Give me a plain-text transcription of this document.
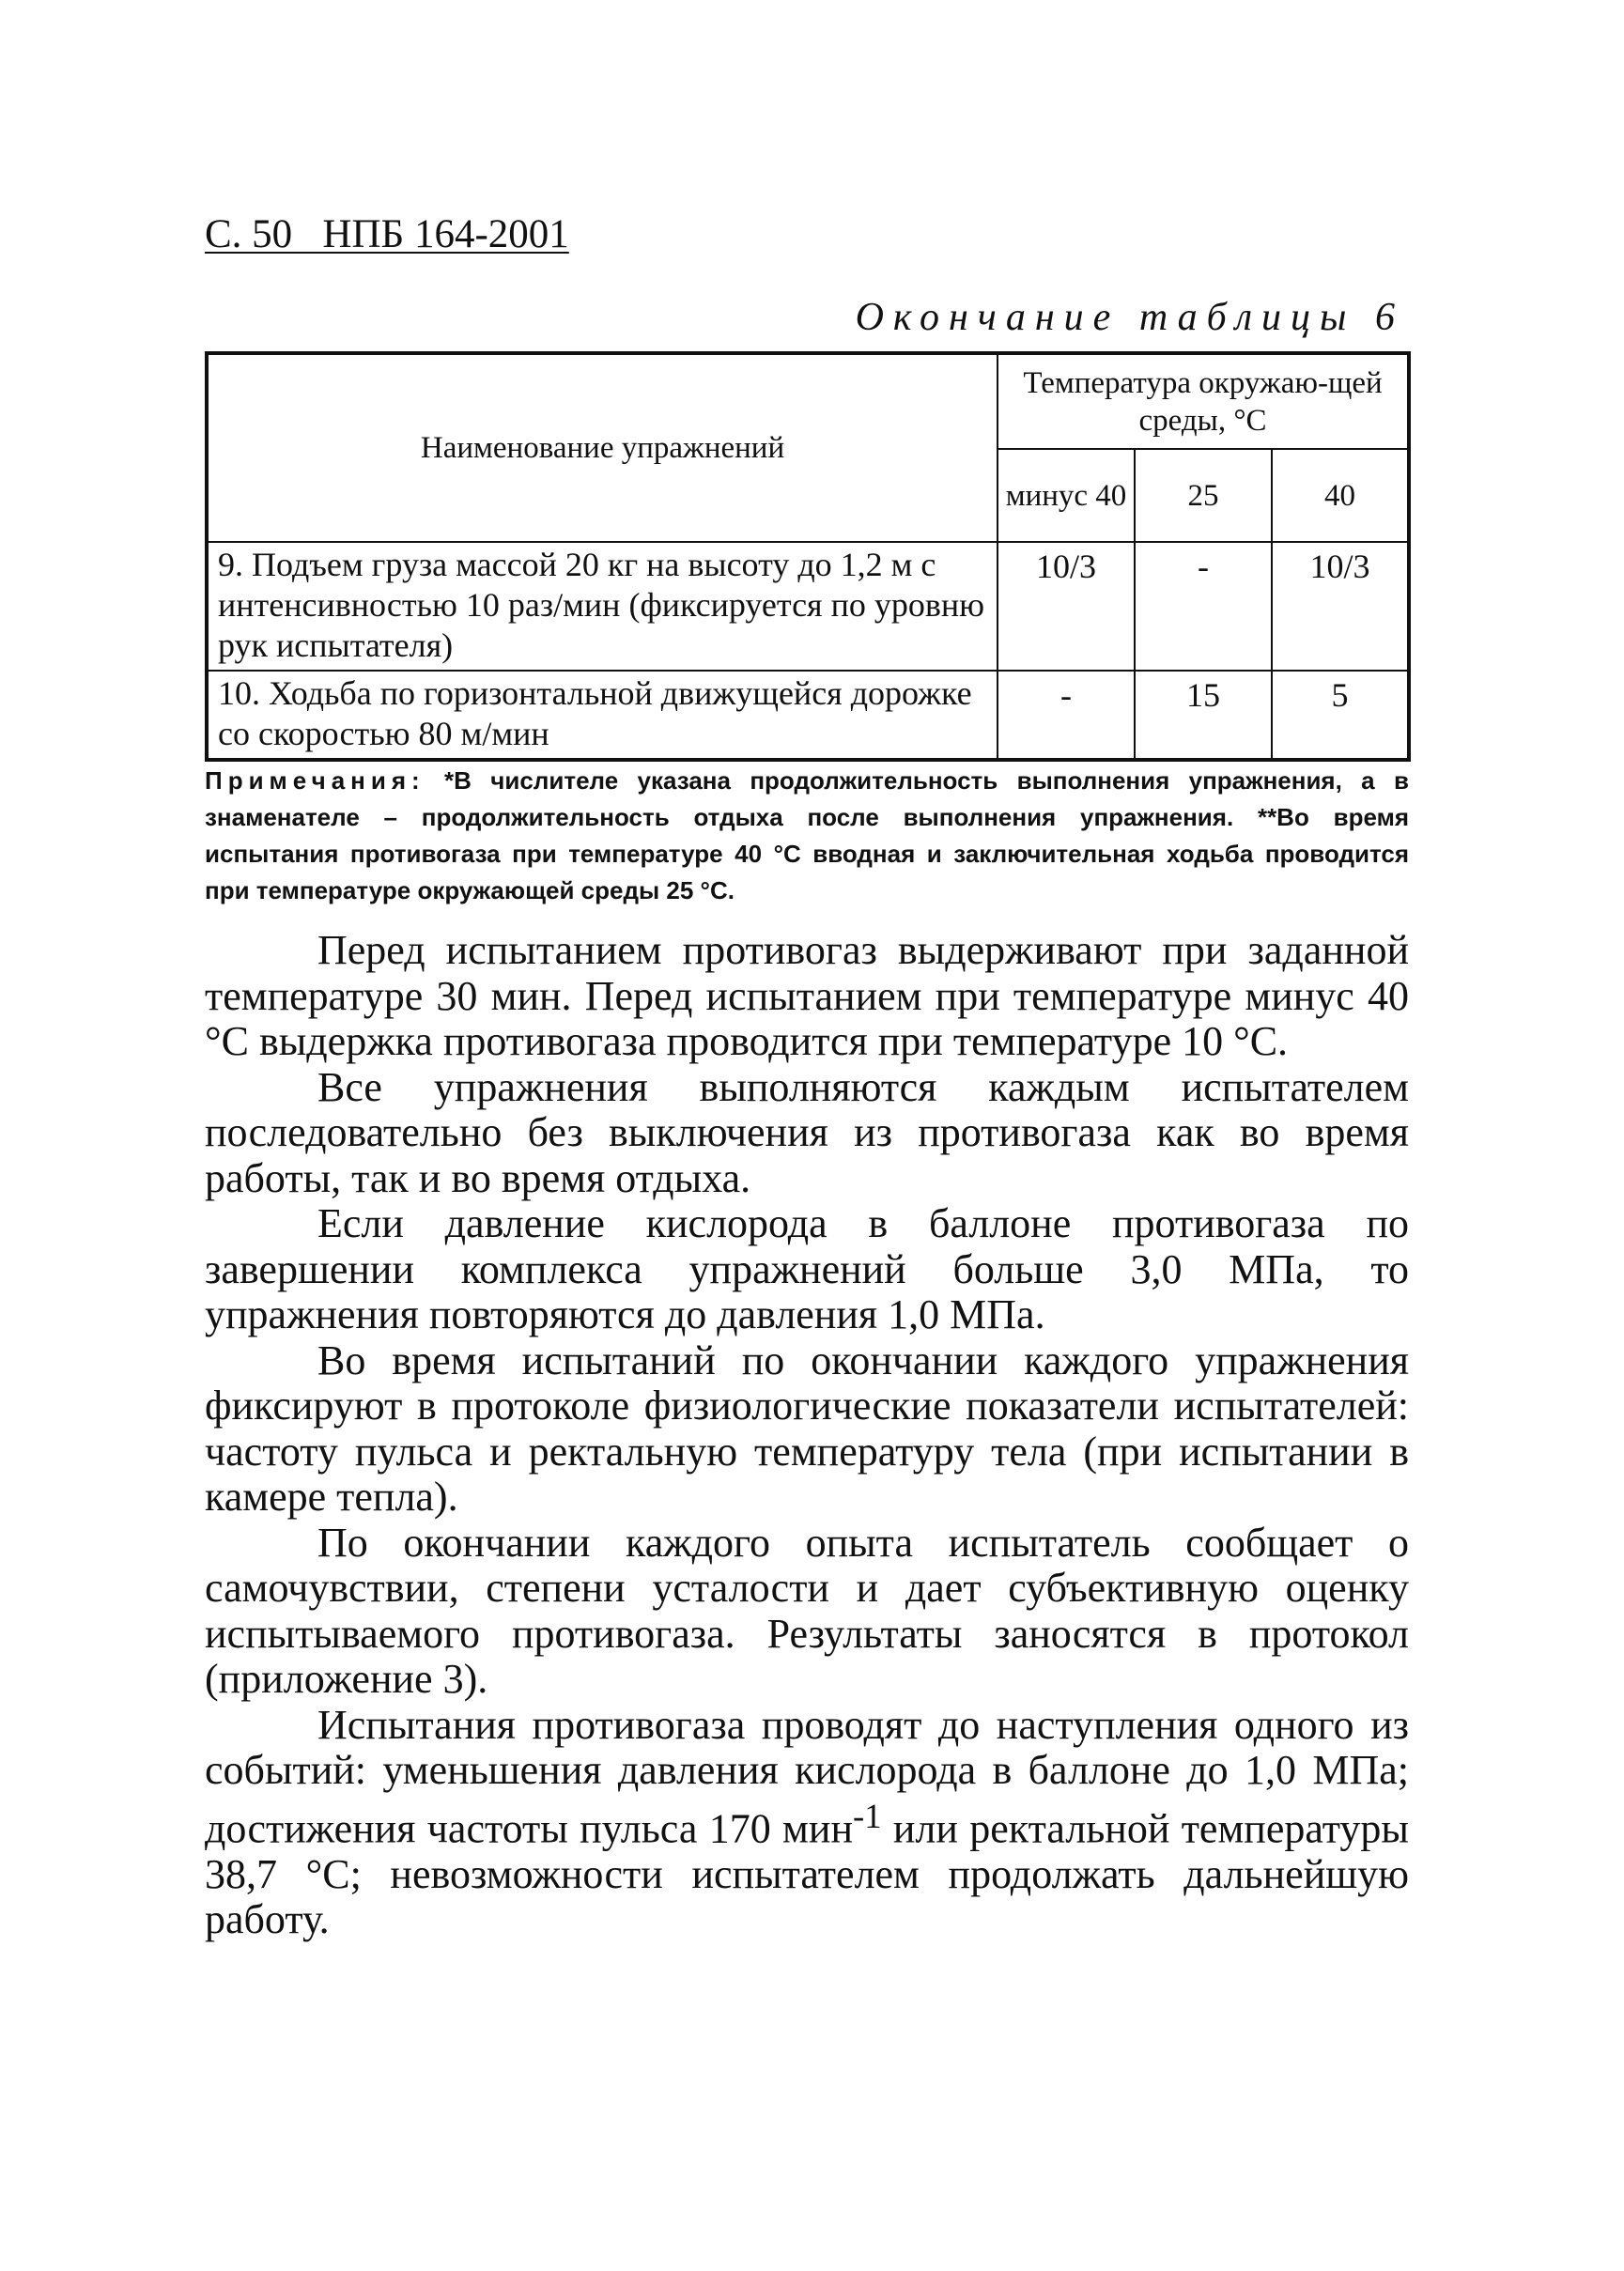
С. 50   НПБ 164-2001
Окончание таблицы 6
Наименование упражнений	Температура окружаю-щей среды, °С		
	минус 40	25	40
9. Подъем груза массой 20 кг на высоту до 1,2 м с интенсивностью 10 раз/мин (фиксируется по уровню рук испытателя)	10/3	-	10/3
10. Ходьба по горизонтальной движущейся дорожке со скоростью 80 м/мин	-	15	5
Примечания: *В числителе указана продолжительность выполнения упражнения, а в знаменателе – продолжительность отдыха после выполнения упражнения. **Во время испытания противогаза при температуре 40 °С вводная и заключительная ходьба проводится при температуре окружающей среды 25 °С.

Перед испытанием противогаз выдерживают при заданной температуре 30 мин. Перед испытанием при температуре минус 40 °С выдержка противогаза проводится при температуре 10 °С.

Все упражнения выполняются каждым испытателем последовательно без выключения из противогаза как во время работы, так и во время отдыха.

Если давление кислорода в баллоне противогаза по завершении комплекса упражнений больше 3,0 МПа, то упражнения повторяются до давления 1,0 МПа.

Во время испытаний по окончании каждого упражнения фиксируют в протоколе физиологические показатели испытателей: частоту пульса и ректальную температуру тела (при испытании в камере тепла).

По окончании каждого опыта испытатель сообщает о самочувствии, степени усталости и дает субъективную оценку испытываемого противогаза. Результаты заносятся в протокол (приложение 3).

Испытания противогаза проводят до наступления одного из событий: уменьшения давления кислорода в баллоне до 1,0 МПа; достижения частоты пульса 170 мин$^{-1}$ или ректальной температуры 38,7 °С; невозможности испытателем продолжать дальнейшую работу.
